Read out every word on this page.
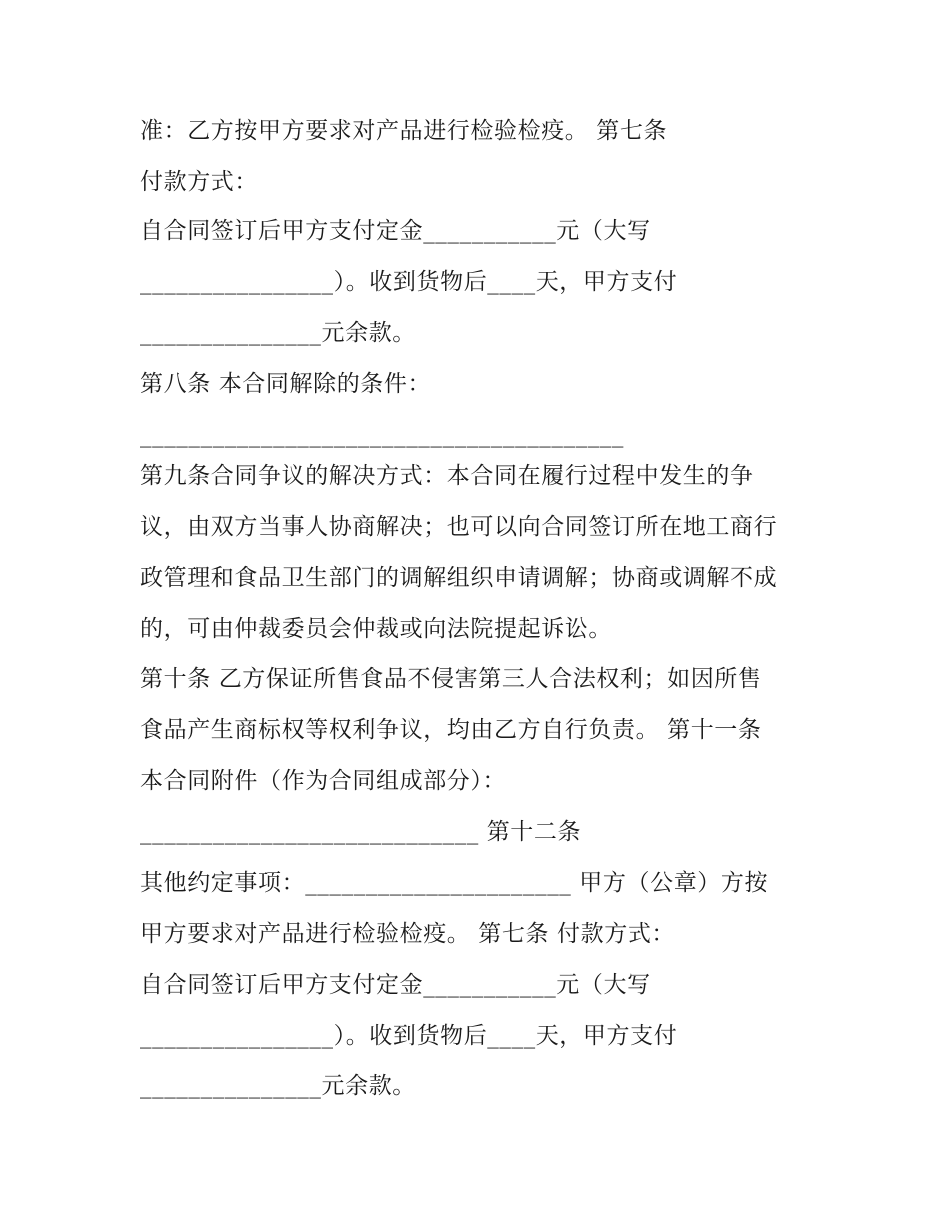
准：乙方按甲方要求对产品进行检验检疫。 第七条
付款方式：
自合同签订后甲方支付定金___________元（大写
________________）。收到货物后____天，甲方支付
_______________元余款。
第八条 本合同解除的条件：
________________________________________
第九条合同争议的解决方式：本合同在履行过程中发生的争
议，由双方当事人协商解决；也可以向合同签订所在地工商行
政管理和食品卫生部门的调解组织申请调解；协商或调解不成
的，可由仲裁委员会仲裁或向法院提起诉讼。
第十条 乙方保证所售食品不侵害第三人合法权利；如因所售
食品产生商标权等权利争议，均由乙方自行负责。 第十一条
本合同附件（作为合同组成部分）：
____________________________ 第十二条
其他约定事项：______________________ 甲方（公章）方按
甲方要求对产品进行检验检疫。 第七条 付款方式：
自合同签订后甲方支付定金___________元（大写
________________）。收到货物后____天，甲方支付
_______________元余款。
